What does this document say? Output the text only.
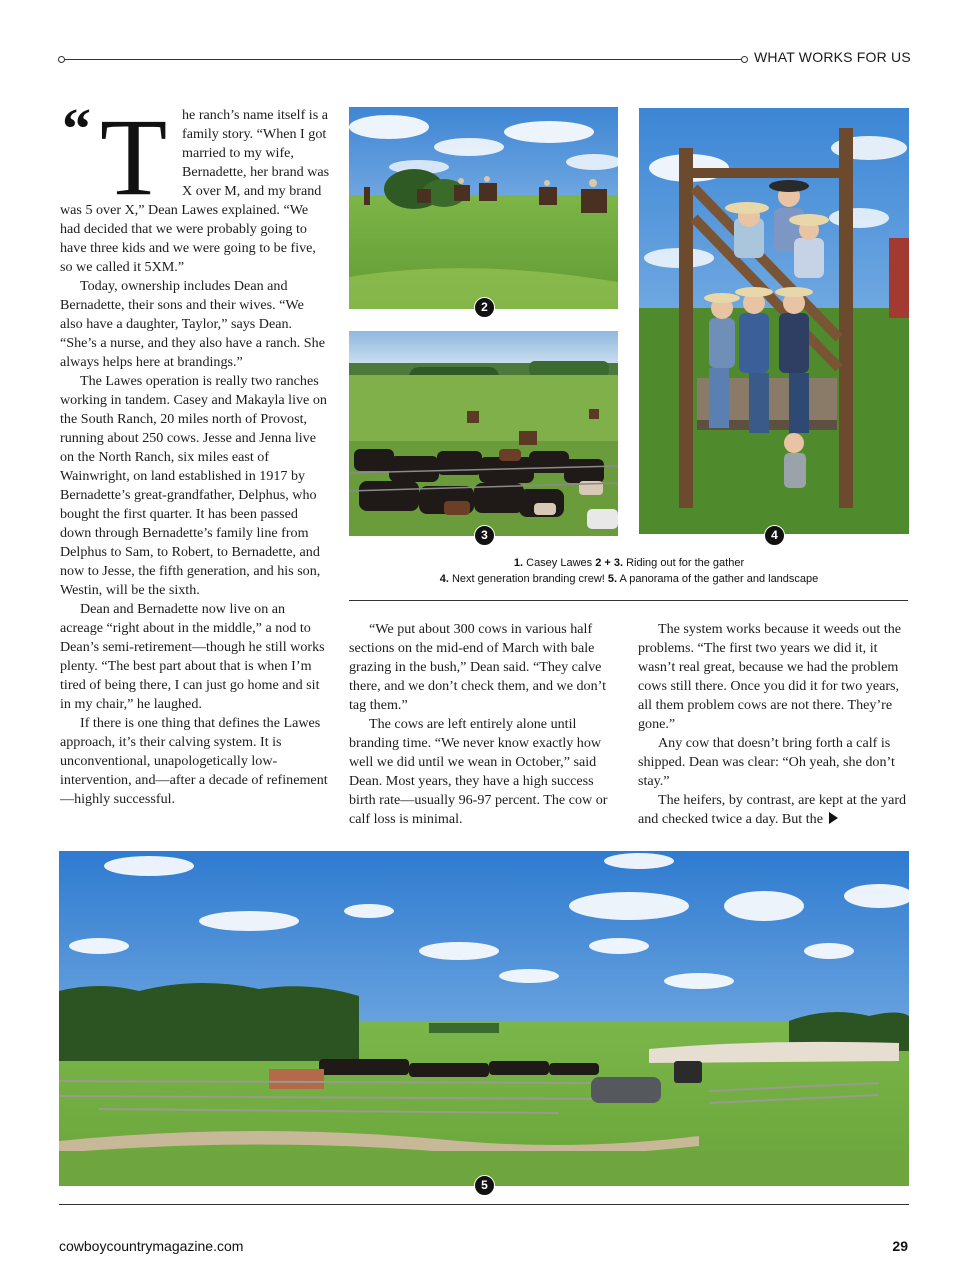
WHAT WORKS FOR US

“ T he ranch’s name itself is a family story. “When I got married to my wife, Bernadette, her brand was X over M, and my brand was 5 over X,” Dean Lawes explained. “We had decided that we were probably going to have three kids and we were going to be five, so we called it 5XM.”

Today, ownership includes Dean and Bernadette, their sons and their wives. “We also have a daughter, Taylor,” says Dean. “She’s a nurse, and they also have a ranch. She always helps here at brandings.”

The Lawes operation is really two ranches working in tandem. Casey and Makayla live on the South Ranch, 20 miles north of Provost, running about 250 cows. Jesse and Jenna live on the North Ranch, six miles east of Wainwright, on land established in 1917 by Bernadette’s great-grandfather, Delphus, who bought the first quarter. It has been passed down through Bernadette’s family line from Delphus to Sam, to Robert, to Bernadette, and now to Jesse, the fifth generation, and his son, Westin, will be the sixth.

Dean and Bernadette now live on an acreage “right about in the middle,” a nod to Dean’s semi-retirement—though he still works plenty. “The best part about that is when I’m tired of being there, I can just go home and sit in my chair,” he laughed.

If there is one thing that defines the Lawes approach, it’s their calving system. It is unconventional, unapologetically low-intervention, and—after a decade of refinement—highly successful.

2
3	4
1. Casey Lawes 2 + 3. Riding out for the gather
4. Next generation branding crew! 5. A panorama of the gather and landscape

“We put about 300 cows in various half sections on the mid-end of March with bale grazing in the bush,” Dean said. “They calve there, and we don’t check them, and we don’t tag them.”

The cows are left entirely alone until branding time. “We never know exactly how well we did until we wean in October,” said Dean. Most years, they have a high success birth rate—usually 96-97 percent. The cow or calf loss is minimal.

The system works because it weeds out the problems. “The first two years we did it, it wasn’t real great, because we had the problem cows still there. Once you did it for two years, all them problem cows are not there. They’re gone.”

Any cow that doesn’t bring forth a calf is shipped. Dean was clear: “Oh yeah, she don’t stay.”

The heifers, by contrast, are kept at the yard and checked twice a day. But the

5
cowboycountrymagazine.com	29
